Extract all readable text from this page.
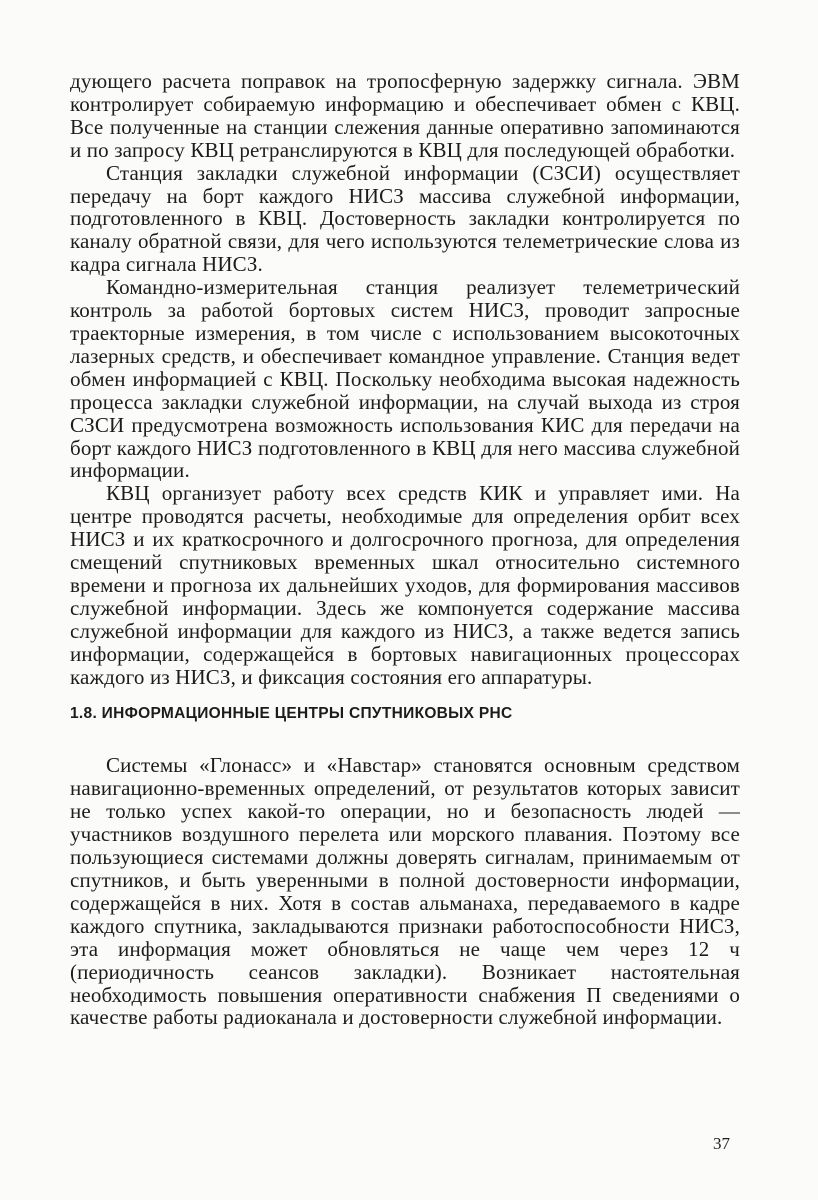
дующего расчета поправок на тропосферную задержку сигнала. ЭВМ контролирует собираемую информацию и обеспечивает обмен с КВЦ. Все полученные на станции слежения данные оперативно запоминаются и по запросу КВЦ ретранслируются в КВЦ для последующей обработки.

Станция закладки служебной информации (СЗСИ) осуществляет передачу на борт каждого НИСЗ массива служебной информации, подготовленного в КВЦ. Достоверность закладки контролируется по каналу обратной связи, для чего используются телеметрические слова из кадра сигнала НИСЗ.

Командно-измерительная станция реализует телеметрический контроль за работой бортовых систем НИСЗ, проводит запросные траекторные измерения, в том числе с использованием высокоточных лазерных средств, и обеспечивает командное управление. Станция ведет обмен информацией с КВЦ. Поскольку необходима высокая надежность процесса закладки служебной информации, на случай выхода из строя СЗСИ предусмотрена возможность использования КИС для передачи на борт каждого НИСЗ подготовленного в КВЦ для него массива служебной информации.

КВЦ организует работу всех средств КИК и управляет ими. На центре проводятся расчеты, необходимые для определения орбит всех НИСЗ и их краткосрочного и долгосрочного прогноза, для определения смещений спутниковых временных шкал относительно системного времени и прогноза их дальнейших уходов, для формирования массивов служебной информации. Здесь же компонуется содержание массива служебной информации для каждого из НИСЗ, а также ведется запись информации, содержащейся в бортовых навигационных процессорах каждого из НИСЗ, и фиксация состояния его аппаратуры.

1.8. ИНФОРМАЦИОННЫЕ ЦЕНТРЫ СПУТНИКОВЫХ РНС

Системы «Глонасс» и «Навстар» становятся основным средством навигационно-временных определений, от результатов которых зависит не только успех какой-то операции, но и безопасность людей — участников воздушного перелета или морского плавания. Поэтому все пользующиеся системами должны доверять сигналам, принимаемым от спутников, и быть уверенными в полной достоверности информации, содержащейся в них. Хотя в состав альманаха, передаваемого в кадре каждого спутника, закладываются признаки работоспособности НИСЗ, эта информация может обновляться не чаще чем через 12 ч (периодичность сеансов закладки). Возникает настоятельная необходимость повышения оперативности снабжения П сведениями о качестве работы радиоканала и достоверности служебной информации.

37
